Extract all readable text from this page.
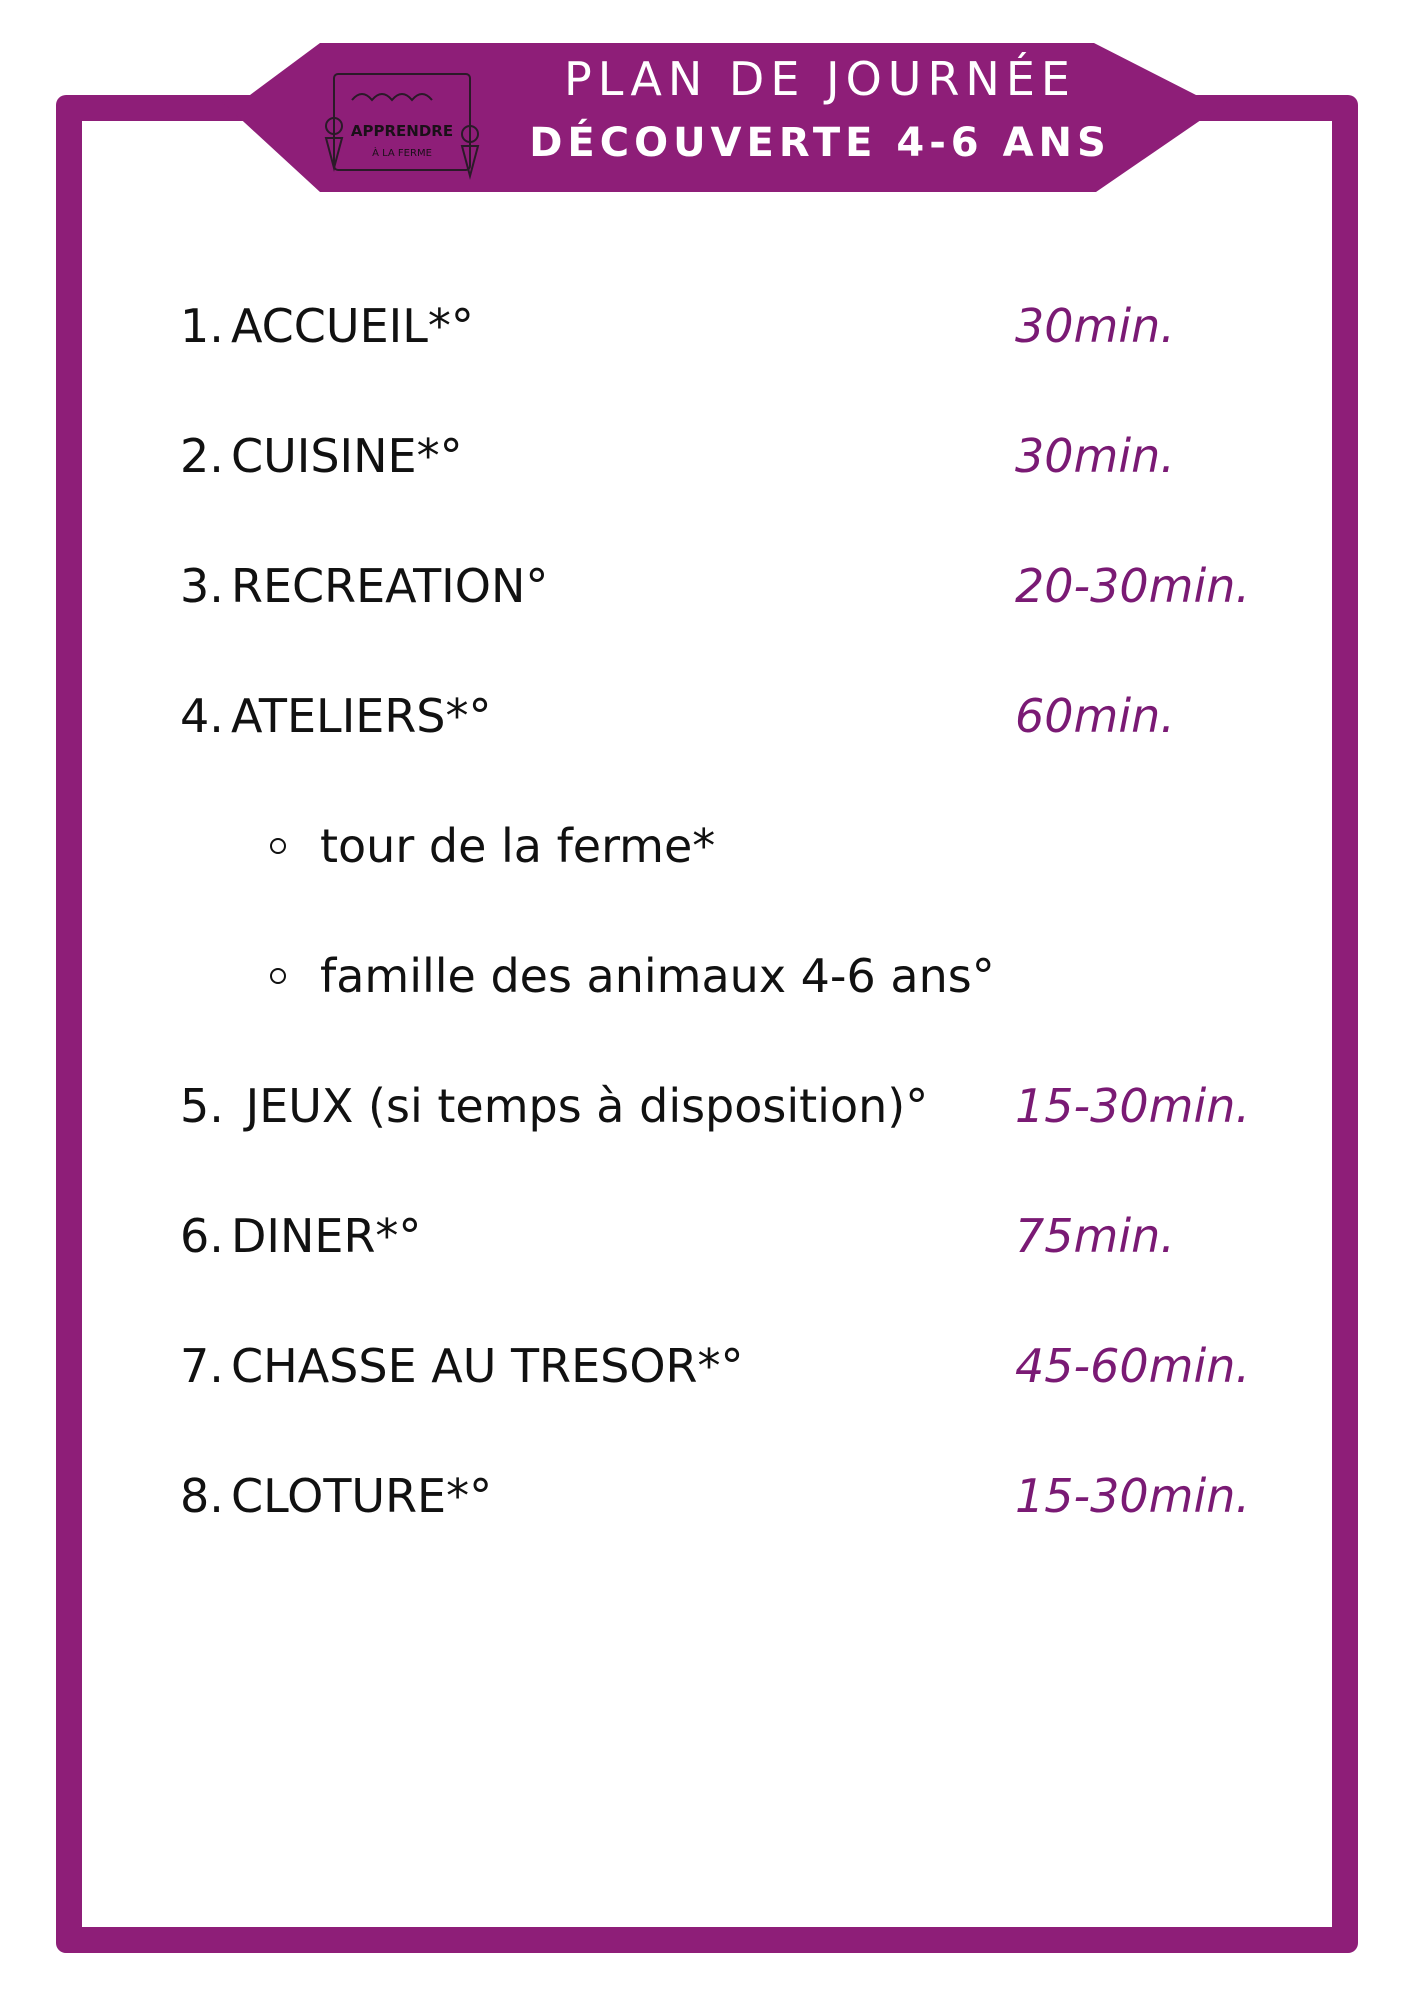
APPRENDRE
À LA FERME
PLAN DE JOURNÉE
DÉCOUVERTE 4-6 ANS
1. ACCUEIL*°	30min.
2. CUISINE*°	30min.
3. RECREATION°	20-30min.
4. ATELIERS*°	60min.
tour de la ferme*
famille des animaux 4-6 ans°
5. JEUX (si temps à disposition)° 15-30min.
6. DINER*°	75min.
7. CHASSE AU TRESOR*°	45-60min.
8. CLOTURE*°	15-30min.
